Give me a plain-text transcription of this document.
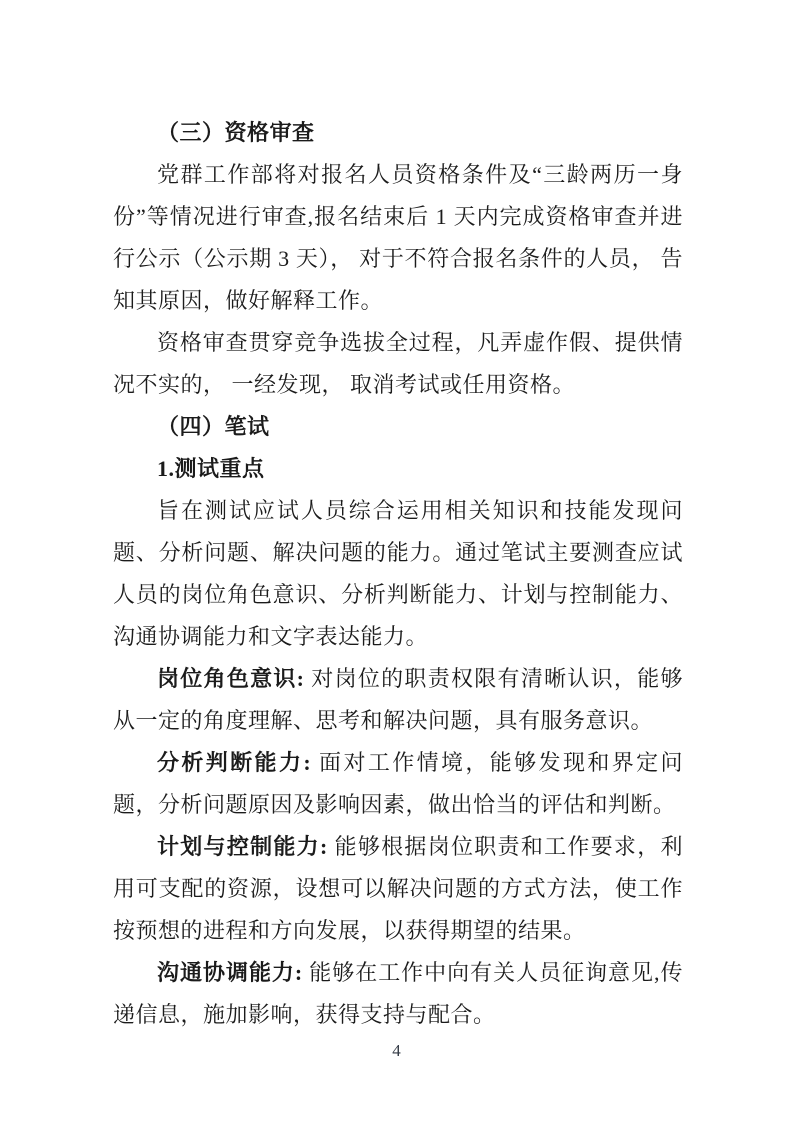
（三）资格审查

党群工作部将对报名人员资格条件及“三龄两历一身份”等情况进行审查,报名结束后 1 天内完成资格审查并进行公示（公示期 3 天）， 对于不符合报名条件的人员， 告知其原因，做好解释工作。

资格审查贯穿竞争选拔全过程，凡弄虚作假、提供情况不实的， 一经发现， 取消考试或任用资格。

（四）笔试
1.测试重点

旨在测试应试人员综合运用相关知识和技能发现问题、分析问题、解决问题的能力。通过笔试主要测查应试人员的岗位角色意识、分析判断能力、计划与控制能力、沟通协调能力和文字表达能力。

岗位角色意识: 对岗位的职责权限有清晰认识，能够从一定的角度理解、思考和解决问题，具有服务意识。

分析判断能力: 面对工作情境，能够发现和界定问题，分析问题原因及影响因素，做出恰当的评估和判断。

计划与控制能力: 能够根据岗位职责和工作要求，利用可支配的资源，设想可以解决问题的方式方法，使工作按预想的进程和方向发展，以获得期望的结果。

沟通协调能力: 能够在工作中向有关人员征询意见,传递信息，施加影响，获得支持与配合。

4
